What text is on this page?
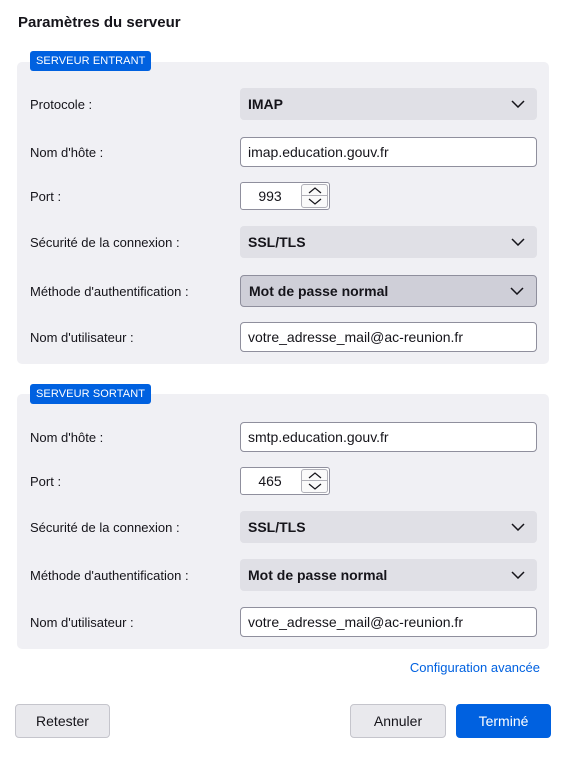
Paramètres du serveur
SERVEUR ENTRANT
Protocole :	IMAP
Nom d'hôte :	imap.education.gouv.fr
Port :	993
Sécurité de la connexion :	SSL/TLS
Méthode d'authentification :	Mot de passe normal
Nom d'utilisateur :	votre_adresse_mail@ac-reunion.fr
SERVEUR SORTANT
Nom d'hôte :	smtp.education.gouv.fr
Port :	465
Sécurité de la connexion :	SSL/TLS
Méthode d'authentification :	Mot de passe normal
Nom d'utilisateur :	votre_adresse_mail@ac-reunion.fr
Configuration avancée
Retester	Annuler	Terminé
